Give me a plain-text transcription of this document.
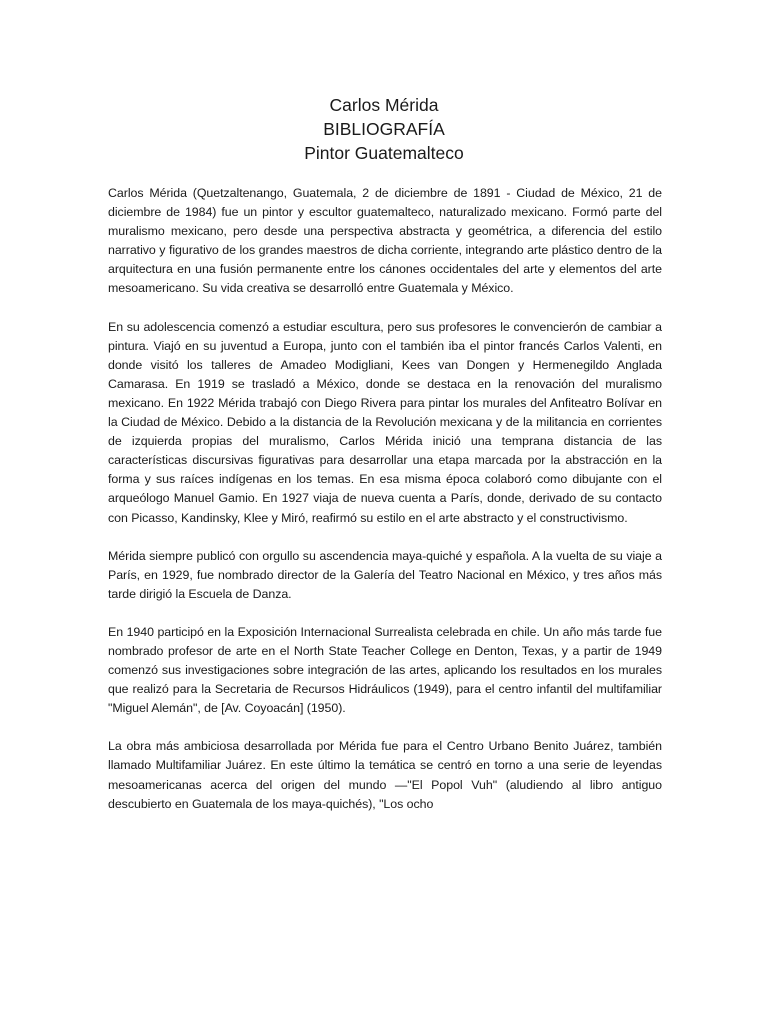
Carlos Mérida
BIBLIOGRAFÍA
Pintor Guatemalteco

Carlos Mérida (Quetzaltenango, Guatemala, 2 de diciembre de 1891 - Ciudad de México, 21 de diciembre de 1984) fue un pintor y escultor guatemalteco, naturalizado mexicano. Formó parte del muralismo mexicano, pero desde una perspectiva abstracta y geométrica, a diferencia del estilo narrativo y figurativo de los grandes maestros de dicha corriente, integrando arte plástico dentro de la arquitectura en una fusión permanente entre los cánones occidentales del arte y elementos del arte mesoamericano. Su vida creativa se desarrolló entre Guatemala y México.

En su adolescencia comenzó a estudiar escultura, pero sus profesores le convencierón de cambiar a pintura. Viajó en su juventud a Europa, junto con el también iba el pintor francés Carlos Valenti, en donde visitó los talleres de Amadeo Modigliani, Kees van Dongen y Hermenegildo Anglada Camarasa. En 1919 se trasladó a México, donde se destaca en la renovación del muralismo mexicano. En 1922 Mérida trabajó con Diego Rivera para pintar los murales del Anfiteatro Bolívar en la Ciudad de México. Debido a la distancia de la Revolución mexicana y de la militancia en corrientes de izquierda propias del muralismo, Carlos Mérida inició una temprana distancia de las características discursivas figurativas para desarrollar una etapa marcada por la abstracción en la forma y sus raíces indígenas en los temas. En esa misma época colaboró como dibujante con el arqueólogo Manuel Gamio. En 1927 viaja de nueva cuenta a París, donde, derivado de su contacto con Picasso, Kandinsky, Klee y Miró, reafirmó su estilo en el arte abstracto y el constructivismo.

Mérida siempre publicó con orgullo su ascendencia maya-quiché y española. A la vuelta de su viaje a París, en 1929, fue nombrado director de la Galería del Teatro Nacional en México, y tres años más tarde dirigió la Escuela de Danza.

En 1940 participó en la Exposición Internacional Surrealista celebrada en chile. Un año más tarde fue nombrado profesor de arte en el North State Teacher College en Denton, Texas, y a partir de 1949 comenzó sus investigaciones sobre integración de las artes, aplicando los resultados en los murales que realizó para la Secretaria de Recursos Hidráulicos (1949), para el centro infantil del multifamiliar "Miguel Alemán", de [Av. Coyoacán] (1950).

La obra más ambiciosa desarrollada por Mérida fue para el Centro Urbano Benito Juárez, también llamado Multifamiliar Juárez. En este último la temática se centró en torno a una serie de leyendas mesoamericanas acerca del origen del mundo —"El Popol Vuh" (aludiendo al libro antiguo descubierto en Guatemala de los maya-quichés), "Los ocho
